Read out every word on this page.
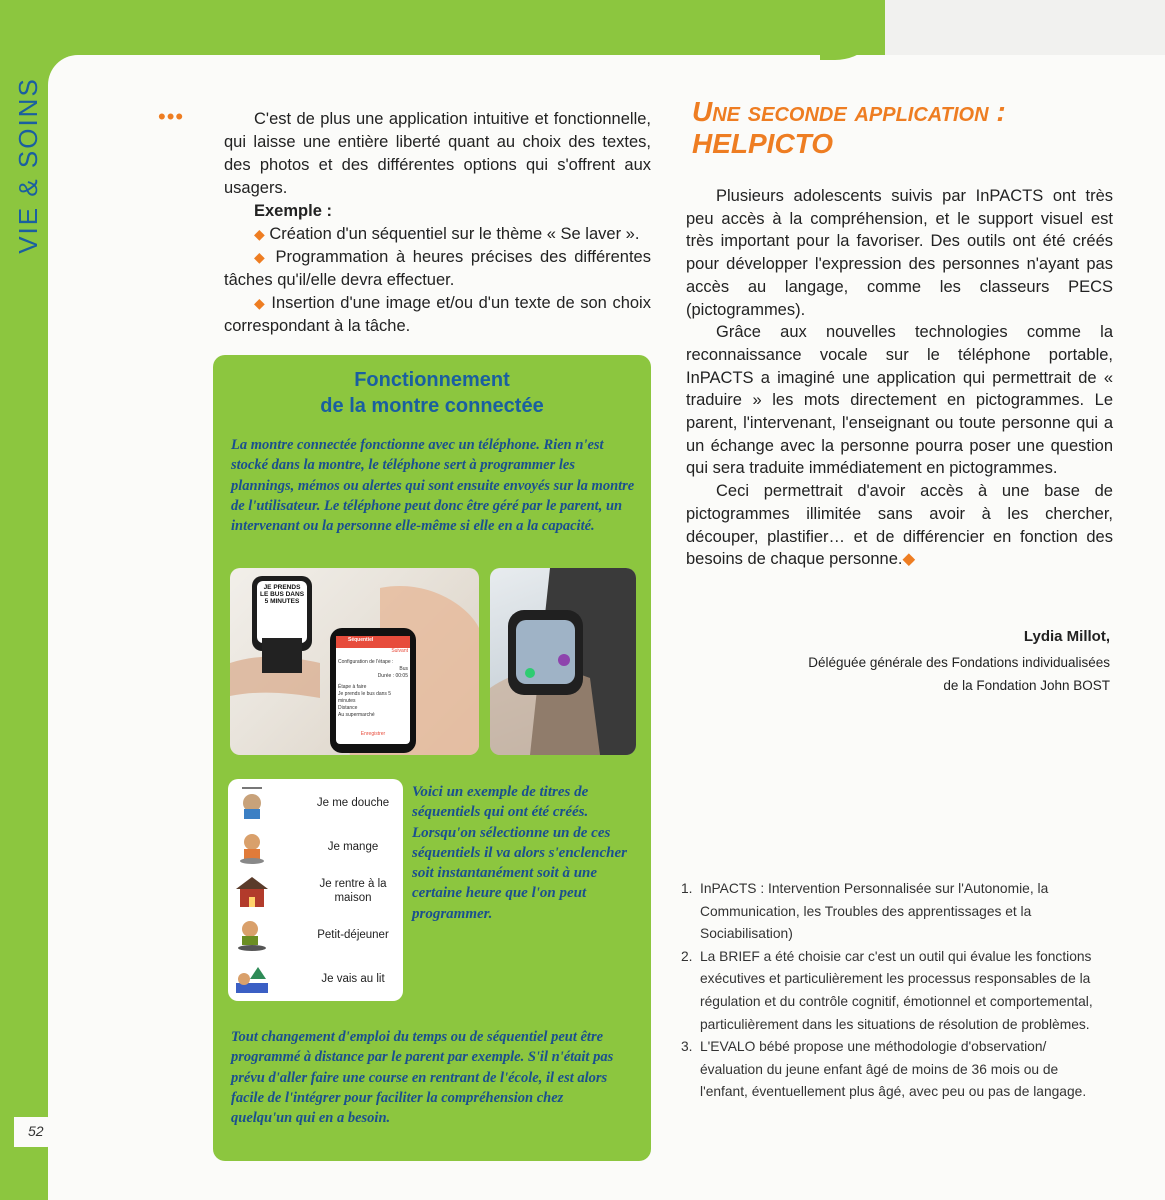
VIE & SOINS
52
•••	C'est de plus une application intuitive et fonctionnelle, qui laisse une entière liberté quant au choix des textes, des photos et des différentes options qui s'offrent aux usagers.

Exemple :

◆ Création d'un séquentiel sur le thème « Se laver ».

◆ Programmation à heures précises des différentes tâches qu'il/elle devra effectuer.

◆ Insertion d'une image et/ou d'un texte de son choix correspondant à la tâche.

Fonctionnement
de la montre connectée
La montre connectée fonctionne avec un téléphone. Rien n'est stocké dans la montre, le téléphone sert à programmer les plannings, mémos ou alertes qui sont ensuite envoyés sur la montre de l'utilisateur. Le téléphone peut donc être géré par le parent, un intervenant ou la personne elle-même si elle en a la capacité.
JE PRENDS LE BUS DANS 5 MINUTES
Séquentiel
Suivant
Configuration de l'étape :
Bus
Durée : 00:05
Étape à faire
Je prends le bus dans 5 minutes
Distance
Au supermarché
Enregistrer
Je me douche
Je mange
Je rentre à la maison
Petit-déjeuner
Je vais au lit
Voici un exemple de titres de séquentiels qui ont été créés. Lorsqu'on sélectionne un de ces séquentiels il va alors s'enclencher soit instantanément soit à une certaine heure que l'on peut programmer.
Tout changement d'emploi du temps ou de séquentiel peut être programmé à distance par le parent par exemple. S'il n'était pas prévu d'aller faire une course en rentrant de l'école, il est alors facile de l'intégrer pour faciliter la compréhension chez quelqu'un qui en a besoin.
Une seconde application :
HELPICTO

Plusieurs adolescents suivis par InPACTS ont très peu accès à la compréhension, et le support visuel est très important pour la favoriser. Des outils ont été créés pour développer l'expression des personnes n'ayant pas accès au langage, comme les classeurs PECS (pictogrammes).

Grâce aux nouvelles technologies comme la reconnaissance vocale sur le téléphone portable, InPACTS a imaginé une application qui permettrait de « traduire » les mots directement en pictogrammes. Le parent, l'intervenant, l'enseignant ou toute personne qui a un échange avec la personne pourra poser une question qui sera traduite immédiatement en pictogrammes.

Ceci permettrait d'avoir accès à une base de pictogrammes illimitée sans avoir à les chercher, découper, plastifier… et de différencier en fonction des besoins de chaque personne.◆

Lydia Millot,
Déléguée générale des Fondations individualisées
de la Fondation John BOST

1. InPACTS : Intervention Personnalisée sur l'Autonomie, la Communication, les Troubles des apprentissages et la Sociabilisation)

2. La BRIEF a été choisie car c'est un outil qui évalue les fonctions exécutives et particulièrement les processus responsables de la régulation et du contrôle cognitif, émotionnel et comportemental, particulièrement dans les situations de résolution de problèmes.

3. L'EVALO bébé propose une méthodologie d'observation/ évaluation du jeune enfant âgé de moins de 36 mois ou de l'enfant, éventuellement plus âgé, avec peu ou pas de langage.
